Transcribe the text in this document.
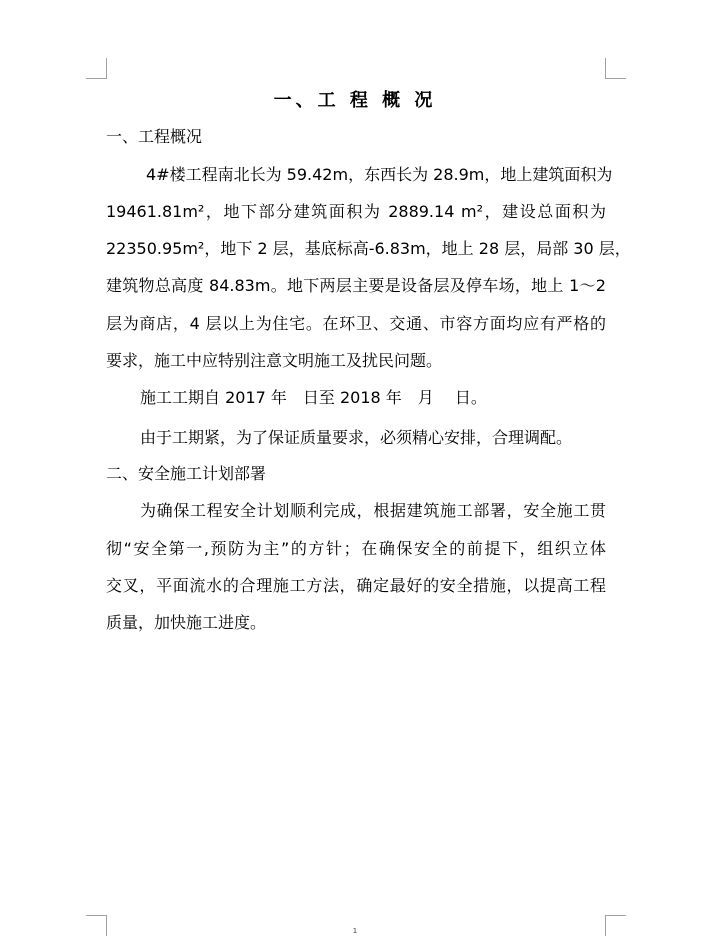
一、工 程 概 况
一、工程概况
4#楼工程南北长为 59.42m，东西长为 28.9m，地上建筑面积为
19461.81m²，地下部分建筑面积为 2889.14 m²，建设总面积为
22350.95m²，地下 2 层，基底标高-6.83m，地上 28 层，局部 30 层，
建筑物总高度 84.83m。地下两层主要是设备层及停车场，地上 1～2
层为商店，4 层以上为住宅。在环卫、交通、市容方面均应有严格的
要求，施工中应特别注意文明施工及扰民问题。
施工工期自 2017 年　日至 2018 年　月　 日。
由于工期紧，为了保证质量要求，必须精心安排，合理调配。
二、安全施工计划部署
为确保工程安全计划顺利完成，根据建筑施工部署，安全施工贯
彻“安全第一,预防为主”的方针；在确保安全的前提下，组织立体
交叉，平面流水的合理施工方法，确定最好的安全措施，以提高工程
质量，加快施工进度。
1
